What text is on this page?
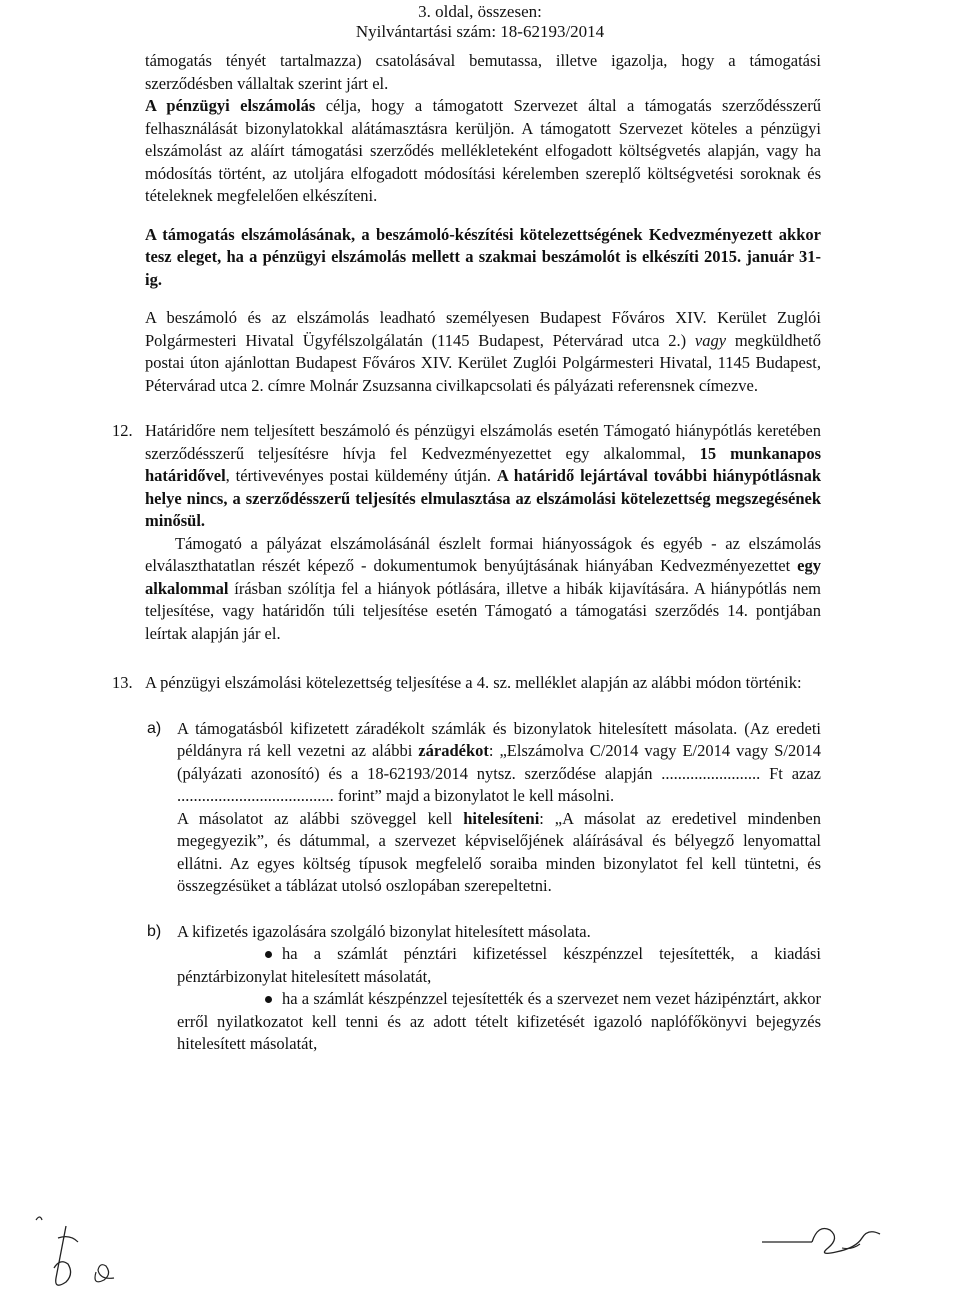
3. oldal, összesen:
Nyilvántartási szám: 18-62193/2014

támogatás tényét tartalmazza) csatolásával bemutassa, illetve igazolja, hogy a támogatási szerződésben vállaltak szerint járt el.

A pénzügyi elszámolás célja, hogy a támogatott Szervezet által a támogatás szerződésszerű felhasználását bizonylatokkal alátámasztásra kerüljön. A támogatott Szervezet köteles a pénzügyi elszámolást az aláírt támogatási szerződés mellékleteként elfogadott költségvetés alapján, vagy ha módosítás történt, az utoljára elfogadott módosítási kérelemben szereplő költségvetési soroknak és tételeknek megfelelően elkészíteni.

A támogatás elszámolásának, a beszámoló-készítési kötelezettségének Kedvezményezett akkor tesz eleget, ha a pénzügyi elszámolás mellett a szakmai beszámolót is elkészíti 2015. január 31-ig.

A beszámoló és az elszámolás leadható személyesen Budapest Főváros XIV. Kerület Zuglói Polgármesteri Hivatal Ügyfélszolgálatán (1145 Budapest, Pétervárad utca 2.) vagy megküldhető postai úton ajánlottan Budapest Főváros XIV. Kerület Zuglói Polgármesteri Hivatal, 1145 Budapest, Pétervárad utca 2. címre Molnár Zsuzsanna civilkapcsolati és pályázati referensnek címezve.

12. Határidőre nem teljesített beszámoló és pénzügyi elszámolás esetén Támogató hiánypótlás keretében szerződésszerű teljesítésre hívja fel Kedvezményezettet egy alkalommal, 15 munkanapos határidővel, tértivevényes postai küldemény útján. A határidő lejártával további hiánypótlásnak helye nincs, a szerződésszerű teljesítés elmulasztása az elszámolási kötelezettség megszegésének minősül.

Támogató a pályázat elszámolásánál észlelt formai hiányosságok és egyéb - az elszámolás elválaszthatatlan részét képező - dokumentumok benyújtásának hiányában Kedvezményezettet egy alkalommal írásban szólítja fel a hiányok pótlására, illetve a hibák kijavítására. A hiánypótlás nem teljesítése, vagy határidőn túli teljesítése esetén Támogató a támogatási szerződés 14. pontjában leírtak alapján jár el.

13. A pénzügyi elszámolási kötelezettség teljesítése a 4. sz. melléklet alapján az alábbi módon történik:

a) A támogatásból kifizetett záradékolt számlák és bizonylatok hitelesített másolata. (Az eredeti példányra rá kell vezetni az alábbi záradékot: „Elszámolva C/2014 vagy E/2014 vagy S/2014 (pályázati azonosító) és a 18-62193/2014 nytsz. szerződése alapján ........................ Ft azaz ...................................... forint” majd a bizonylatot le kell másolni.

A másolatot az alábbi szöveggel kell hitelesíteni: „A másolat az eredetivel mindenben megegyezik”, és dátummal, a szervezet képviselőjének aláírásával és bélyegző lenyomattal ellátni. Az egyes költség típusok megfelelő soraiba minden bizonylatot fel kell tüntetni, és összegzésüket a táblázat utolsó oszlopában szerepeltetni.

b) A kifizetés igazolására szolgáló bizonylat hitelesített másolata.

ha a számlát pénztári kifizetéssel készpénzzel tejesítették, a kiadási pénztárbizonylat hitelesített másolatát,

ha a számlát készpénzzel tejesítették és a szervezet nem vezet házipénztárt, akkor erről nyilatkozatot kell tenni és az adott tételt kifizetését igazoló naplófőkönyvi bejegyzés hitelesített másolatát,
